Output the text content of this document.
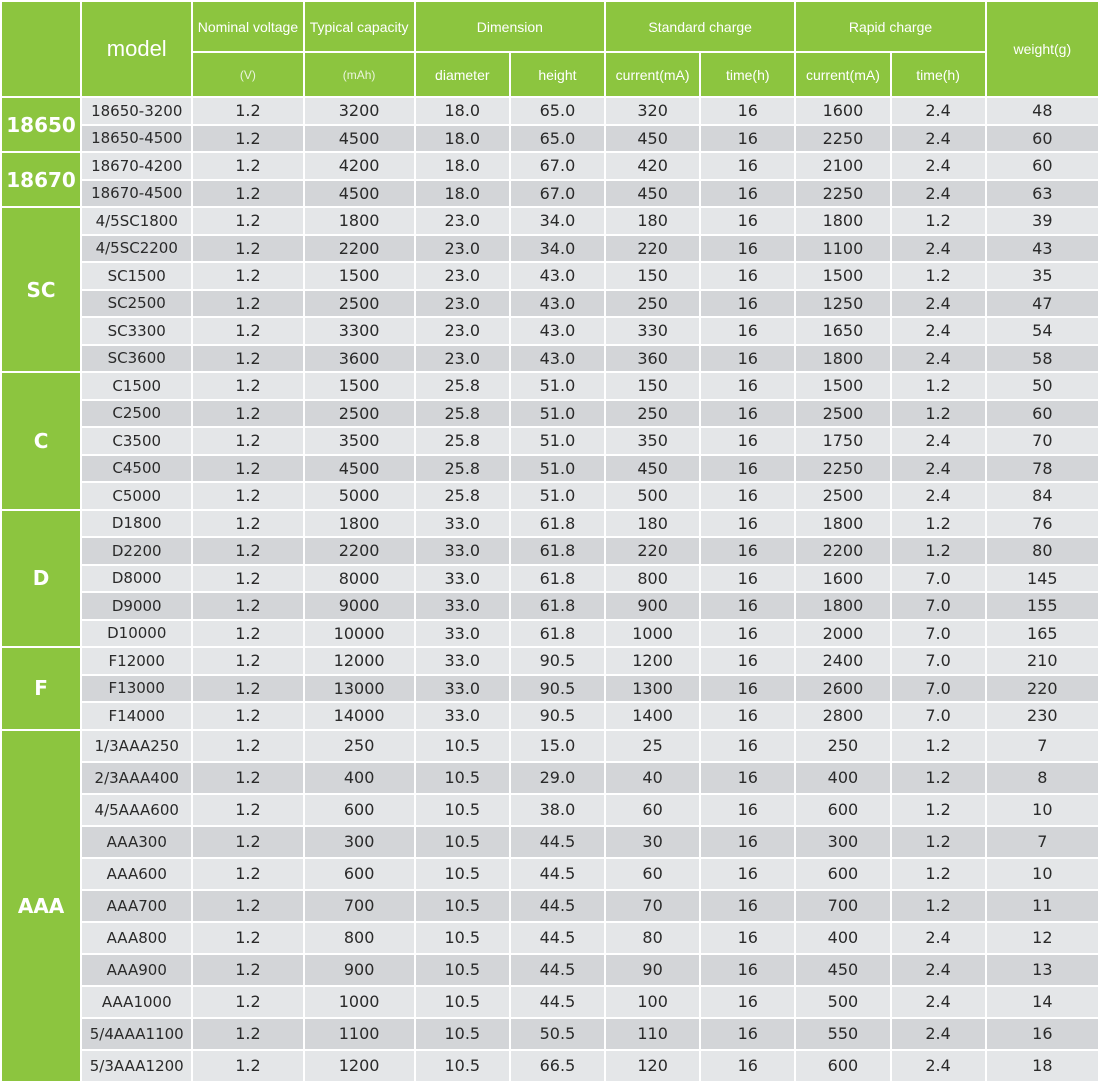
	model	Nominal voltage	Typical capacity	Dimension		Standard charge		Rapid charge		weight(g)
		(V)	(mAh)	diameter	height	current(mA)	time(h)	current(mA)	time(h)	
18650	18650-3200	1.2	3200	18.0	65.0	320	16	1600	2.4	48
	18650-4500	1.2	4500	18.0	65.0	450	16	2250	2.4	60
18670	18670-4200	1.2	4200	18.0	67.0	420	16	2100	2.4	60
	18670-4500	1.2	4500	18.0	67.0	450	16	2250	2.4	63
SC	4/5SC1800	1.2	1800	23.0	34.0	180	16	1800	1.2	39
	4/5SC2200	1.2	2200	23.0	34.0	220	16	1100	2.4	43
	SC1500	1.2	1500	23.0	43.0	150	16	1500	1.2	35
	SC2500	1.2	2500	23.0	43.0	250	16	1250	2.4	47
	SC3300	1.2	3300	23.0	43.0	330	16	1650	2.4	54
	SC3600	1.2	3600	23.0	43.0	360	16	1800	2.4	58
C	C1500	1.2	1500	25.8	51.0	150	16	1500	1.2	50
	C2500	1.2	2500	25.8	51.0	250	16	2500	1.2	60
	C3500	1.2	3500	25.8	51.0	350	16	1750	2.4	70
	C4500	1.2	4500	25.8	51.0	450	16	2250	2.4	78
	C5000	1.2	5000	25.8	51.0	500	16	2500	2.4	84
D	D1800	1.2	1800	33.0	61.8	180	16	1800	1.2	76
	D2200	1.2	2200	33.0	61.8	220	16	2200	1.2	80
	D8000	1.2	8000	33.0	61.8	800	16	1600	7.0	145
	D9000	1.2	9000	33.0	61.8	900	16	1800	7.0	155
	D10000	1.2	10000	33.0	61.8	1000	16	2000	7.0	165
F	F12000	1.2	12000	33.0	90.5	1200	16	2400	7.0	210
	F13000	1.2	13000	33.0	90.5	1300	16	2600	7.0	220
	F14000	1.2	14000	33.0	90.5	1400	16	2800	7.0	230
AAA	1/3AAA250	1.2	250	10.5	15.0	25	16	250	1.2	7
	2/3AAA400	1.2	400	10.5	29.0	40	16	400	1.2	8
	4/5AAA600	1.2	600	10.5	38.0	60	16	600	1.2	10
	AAA300	1.2	300	10.5	44.5	30	16	300	1.2	7
	AAA600	1.2	600	10.5	44.5	60	16	600	1.2	10
	AAA700	1.2	700	10.5	44.5	70	16	700	1.2	11
	AAA800	1.2	800	10.5	44.5	80	16	400	2.4	12
	AAA900	1.2	900	10.5	44.5	90	16	450	2.4	13
	AAA1000	1.2	1000	10.5	44.5	100	16	500	2.4	14
	5/4AAA1100	1.2	1100	10.5	50.5	110	16	550	2.4	16
	5/3AAA1200	1.2	1200	10.5	66.5	120	16	600	2.4	18
